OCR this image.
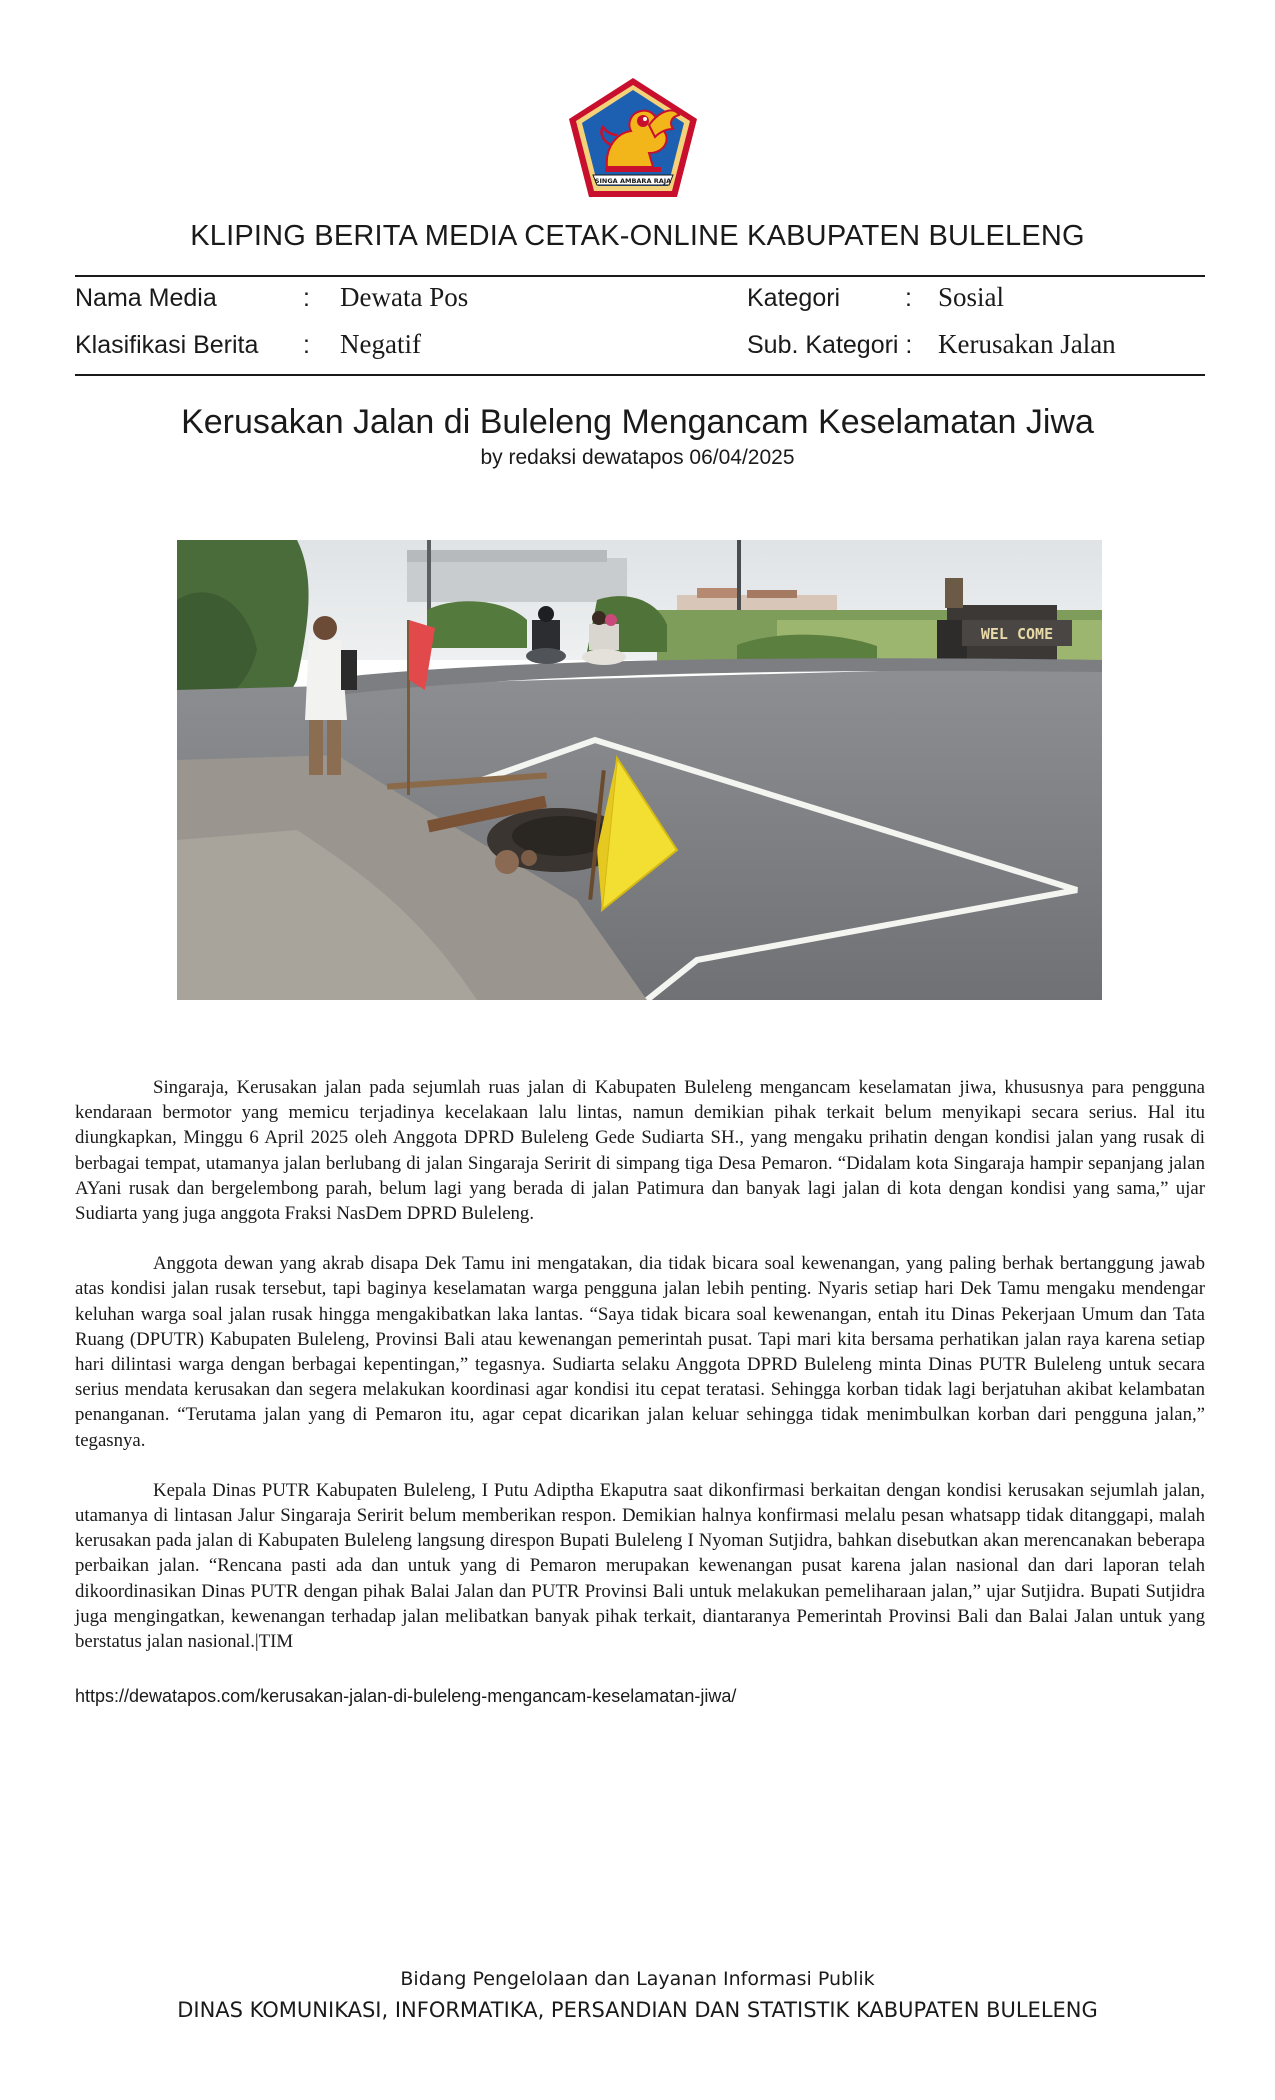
SINGA AMBARA RAJA
KLIPING BERITA MEDIA CETAK-ONLINE KABUPATEN BULELENG
Nama Media	: Dewata Pos	Kategori	: Sosial
Klasifikasi Berita : Negatif	Sub. Kategori : Kerusakan Jalan
Kerusakan Jalan di Buleleng Mengancam Keselamatan Jiwa
by redaksi dewatapos 06/04/2025
WEL COME

Singaraja, Kerusakan jalan pada sejumlah ruas jalan di Kabupaten Buleleng mengancam keselamatan jiwa, khususnya para pengguna kendaraan bermotor yang memicu terjadinya kecelakaan lalu lintas, namun demikian pihak terkait belum menyikapi secara serius. Hal itu diungkapkan, Minggu 6 April 2025 oleh Anggota DPRD Buleleng Gede Sudiarta SH., yang mengaku prihatin dengan kondisi jalan yang rusak di berbagai tempat, utamanya jalan berlubang di jalan Singaraja Seririt di simpang tiga Desa Pemaron. “Didalam kota Singaraja hampir sepanjang jalan AYani rusak dan bergelembong parah, belum lagi yang berada di jalan Patimura dan banyak lagi jalan di kota dengan kondisi yang sama,” ujar Sudiarta yang juga anggota Fraksi NasDem DPRD Buleleng.

Anggota dewan yang akrab disapa Dek Tamu ini mengatakan, dia tidak bicara soal kewenangan, yang paling berhak bertanggung jawab atas kondisi jalan rusak tersebut, tapi baginya keselamatan warga pengguna jalan lebih penting. Nyaris setiap hari Dek Tamu mengaku mendengar keluhan warga soal jalan rusak hingga mengakibatkan laka lantas. “Saya tidak bicara soal kewenangan, entah itu Dinas Pekerjaan Umum dan Tata Ruang (DPUTR) Kabupaten Buleleng, Provinsi Bali atau kewenangan pemerintah pusat. Tapi mari kita bersama perhatikan jalan raya karena setiap hari dilintasi warga dengan berbagai kepentingan,” tegasnya. Sudiarta selaku Anggota DPRD Buleleng minta Dinas PUTR Buleleng untuk secara serius mendata kerusakan dan segera melakukan koordinasi agar kondisi itu cepat teratasi. Sehingga korban tidak lagi berjatuhan akibat kelambatan penanganan. “Terutama jalan yang di Pemaron itu, agar cepat dicarikan jalan keluar sehingga tidak menimbulkan korban dari pengguna jalan,” tegasnya.

Kepala Dinas PUTR Kabupaten Buleleng, I Putu Adiptha Ekaputra saat dikonfirmasi berkaitan dengan kondisi kerusakan sejumlah jalan, utamanya di lintasan Jalur Singaraja Seririt belum memberikan respon. Demikian halnya konfirmasi melalu pesan whatsapp tidak ditanggapi, malah kerusakan pada jalan di Kabupaten Buleleng langsung direspon Bupati Buleleng I Nyoman Sutjidra, bahkan disebutkan akan merencanakan beberapa perbaikan jalan. “Rencana pasti ada dan untuk yang di Pemaron merupakan kewenangan pusat karena jalan nasional dan dari laporan telah dikoordinasikan Dinas PUTR dengan pihak Balai Jalan dan PUTR Provinsi Bali untuk melakukan pemeliharaan jalan,” ujar Sutjidra. Bupati Sutjidra juga mengingatkan, kewenangan terhadap jalan melibatkan banyak pihak terkait, diantaranya Pemerintah Provinsi Bali dan Balai Jalan untuk yang berstatus jalan nasional.|TIM

https://dewatapos.com/kerusakan-jalan-di-buleleng-mengancam-keselamatan-jiwa/
Bidang Pengelolaan dan Layanan Informasi Publik
DINAS KOMUNIKASI, INFORMATIKA, PERSANDIAN DAN STATISTIK KABUPATEN BULELENG
